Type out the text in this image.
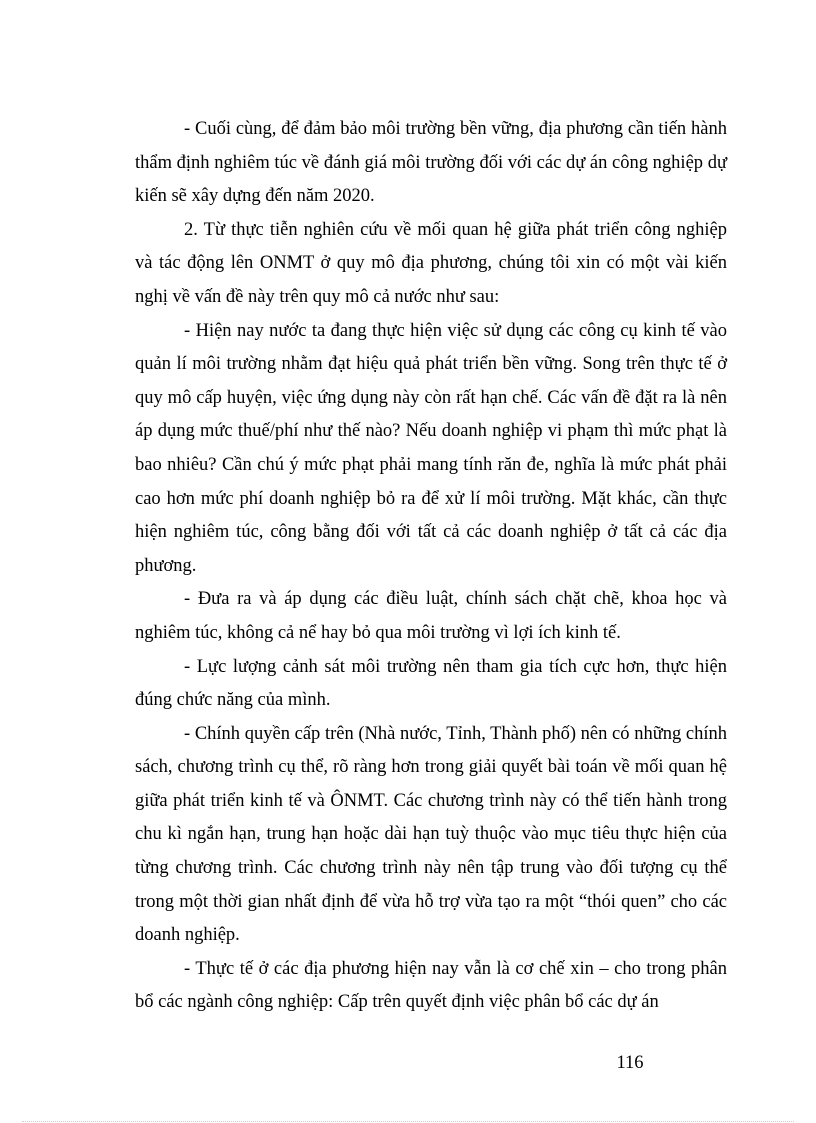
- Cuối cùng, để đảm bảo môi trường bền vững, địa phương cần tiến hành thẩm định nghiêm túc về đánh giá môi trường đối với các dự án công nghiệp dự kiến sẽ xây dựng đến năm 2020.

2. Từ thực tiễn nghiên cứu về mối quan hệ giữa phát triển công nghiệp và tác động lên ONMT ở quy mô địa phương, chúng tôi xin có một vài kiến nghị về vấn đề này trên quy mô cả nước như sau:

- Hiện nay nước ta đang thực hiện việc sử dụng các công cụ kinh tế vào quản lí môi trường nhằm đạt hiệu quả phát triển bền vững. Song trên thực tế ở quy mô cấp huyện, việc ứng dụng này còn rất hạn chế. Các vấn đề đặt ra là nên áp dụng mức thuế/phí như thế nào? Nếu doanh nghiệp vi phạm thì mức phạt là bao nhiêu? Cần chú ý mức phạt phải mang tính răn đe, nghĩa là mức phát phải cao hơn mức phí doanh nghiệp bỏ ra để xử lí môi trường. Mặt khác, cần thực hiện nghiêm túc, công bằng đối với tất cả các doanh nghiệp ở tất cả các địa phương.

- Đưa ra và áp dụng các điều luật, chính sách chặt chẽ, khoa học và nghiêm túc, không cả nể hay bỏ qua môi trường vì lợi ích kinh tế.

- Lực lượng cảnh sát môi trường nên tham gia tích cực hơn, thực hiện đúng chức năng của mình.

- Chính quyền cấp trên (Nhà nước, Tỉnh, Thành phố) nên có những chính sách, chương trình cụ thể, rõ ràng hơn trong giải quyết bài toán về mối quan hệ giữa phát triển kinh tế và ÔNMT. Các chương trình này có thể tiến hành trong chu kì ngắn hạn, trung hạn hoặc dài hạn tuỳ thuộc vào mục tiêu thực hiện của từng chương trình. Các chương trình này nên tập trung vào đối tượng cụ thể trong một thời gian nhất định để vừa hỗ trợ vừa tạo ra một “thói quen” cho các doanh nghiệp.

- Thực tế ở các địa phương hiện nay vẫn là cơ chế xin – cho trong phân bổ các ngành công nghiệp: Cấp trên quyết định việc phân bổ các dự án

116
